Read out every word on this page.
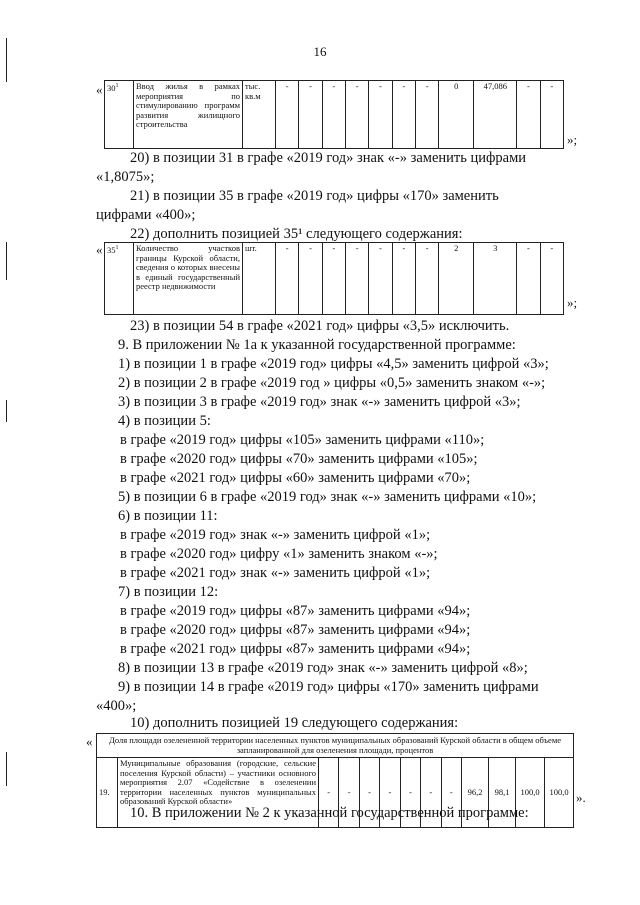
16
« $30^1$	Ввод жилья в рамках мероприятия по стимулированию программ развития жилищного строительства	тыс. кв.м	-	-	-	-	-	-	-	0	47,086	-	-
»;
20) в позиции 31 в графе «2019 год» знак «-» заменить цифрами
«1,8075»;
21) в позиции 35 в графе «2019 год» цифры «170» заменить
цифрами «400»;
22) дополнить позицией 35¹ следующего содержания:
« $35^1$	Количество участков границы Курской области, сведения о которых внесены в единый государственный реестр недвижимости	шт.	-	-	-	-	-	-	-	2	3	-	-
»;
23) в позиции 54 в графе «2021 год» цифры «3,5» исключить.
9. В приложении № 1а к указанной государственной программе:
1) в позиции 1 в графе «2019 год» цифры «4,5» заменить цифрой «3»;
2) в позиции 2 в графе «2019 год » цифры «0,5» заменить знаком «-»;
3) в позиции 3 в графе «2019 год» знак «-» заменить цифрой «3»;
4) в позиции 5:
в графе «2019 год» цифры «105» заменить цифрами «110»;
в графе «2020 год» цифры «70» заменить цифрами «105»;
в графе «2021 год» цифры «60» заменить цифрами «70»;
5) в позиции 6 в графе «2019 год» знак «-» заменить цифрами «10»;
6) в позиции 11:
в графе «2019 год» знак «-» заменить цифрой «1»;
в графе «2020 год» цифру «1» заменить знаком «-»;
в графе «2021 год» знак «-» заменить цифрой «1»;
7) в позиции 12:
в графе «2019 год» цифры «87» заменить цифрами «94»;
в графе «2020 год» цифры «87» заменить цифрами «94»;
в графе «2021 год» цифры «87» заменить цифрами «94»;
8) в позиции 13 в графе «2019 год» знак «-» заменить цифрой «8»;
9) в позиции 14 в графе «2019 год» цифры «170» заменить цифрами
«400»;
10) дополнить позицией 19 следующего содержания:
« Доля площади озелененной территории населенных пунктов муниципальных образований Курской области в общем объеме запланированной для озеленения площади, процентов
19.	Муниципальные образования (городские, сельские поселения Курской области) – участники основного мероприятия 2.07 «Содействие в озеленении территории населенных пунктов муниципальных образований Курской области»	-	-	-	-	-	-	-	96,2	98,1	100,0	100,0 ».
10. В приложении № 2 к указанной государственной программе:
